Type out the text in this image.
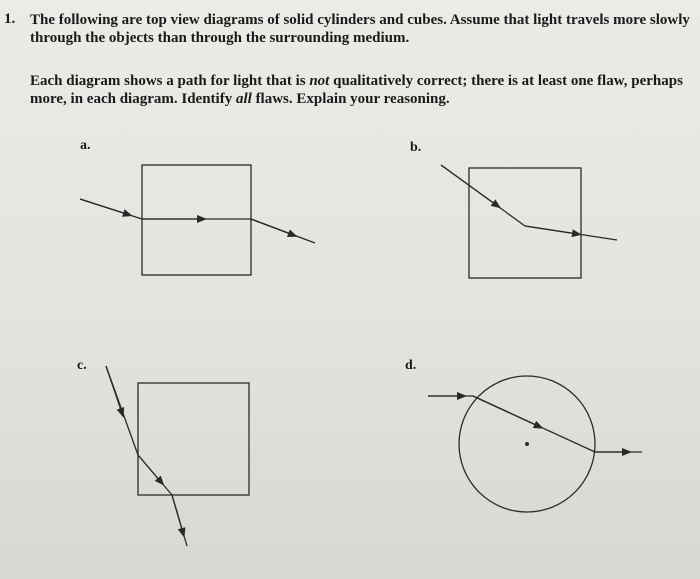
1. The following are top view diagrams of solid cylinders and cubes. Assume that light travels more slowly through the objects than through the surrounding medium.

Each diagram shows a path for light that is not qualitatively correct; there is at least one flaw, perhaps more, in each diagram. Identify all flaws. Explain your reasoning.

a.	b.
c.	d.
